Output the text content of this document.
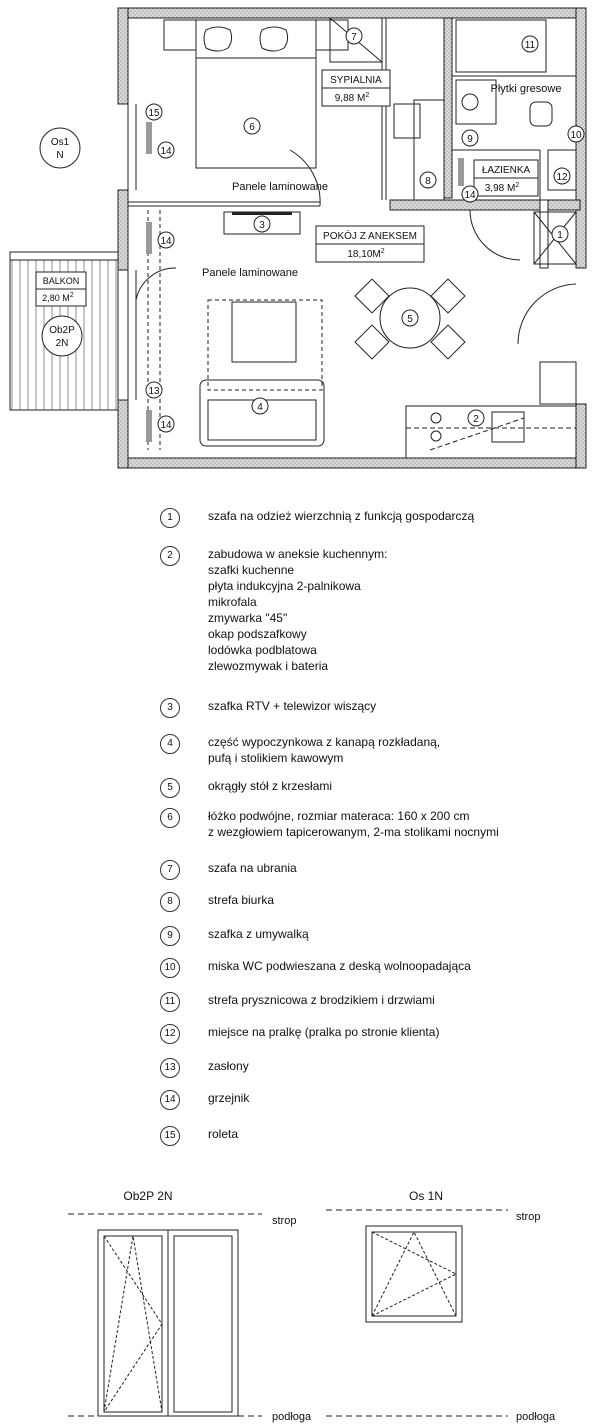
SYPIALNIA
9,88 $M^2$
POKÓJ Z ANEKSEM
$18,10M^2$
ŁAZIENKA
3,98 $M^2$
BALKON
2,80 $M^2$
Panele laminowane
Panele laminowane
Płytki gresowe
Os1
N
Ob2P
2N
1
2
3
4
5
6
7
8
9	10
11
12
13
14
14
14
14
15
Ob2P 2N
strop
podłoga
Os 1N
strop
podłoga
1	szafa na odzież wierzchnią z funkcją gospodarczą
2	zabudowa w aneksie kuchennym:
szafki kuchenne
płyta indukcyjna 2-palnikowa
mikrofala
zmywarka "45"
okap podszafkowy
lodówka podblatowa
zlewozmywak i bateria
3	szafka RTV + telewizor wiszący
4	część wypoczynkowa z kanapą rozkładaną,
pufą i stolikiem kawowym
5	okrągły stół z krzesłami
6	łóżko podwójne, rozmiar materaca: 160 x 200 cm
z wezgłowiem tapicerowanym, 2-ma stolikami nocnymi
7	szafa na ubrania
8	strefa biurka
9	szafka z umywalką
10	miska WC podwieszana z deską wolnoopadająca
11	strefa prysznicowa z brodzikiem i drzwiami
12	miejsce na pralkę (pralka po stronie klienta)
13	zasłony
14	grzejnik
15	roleta
